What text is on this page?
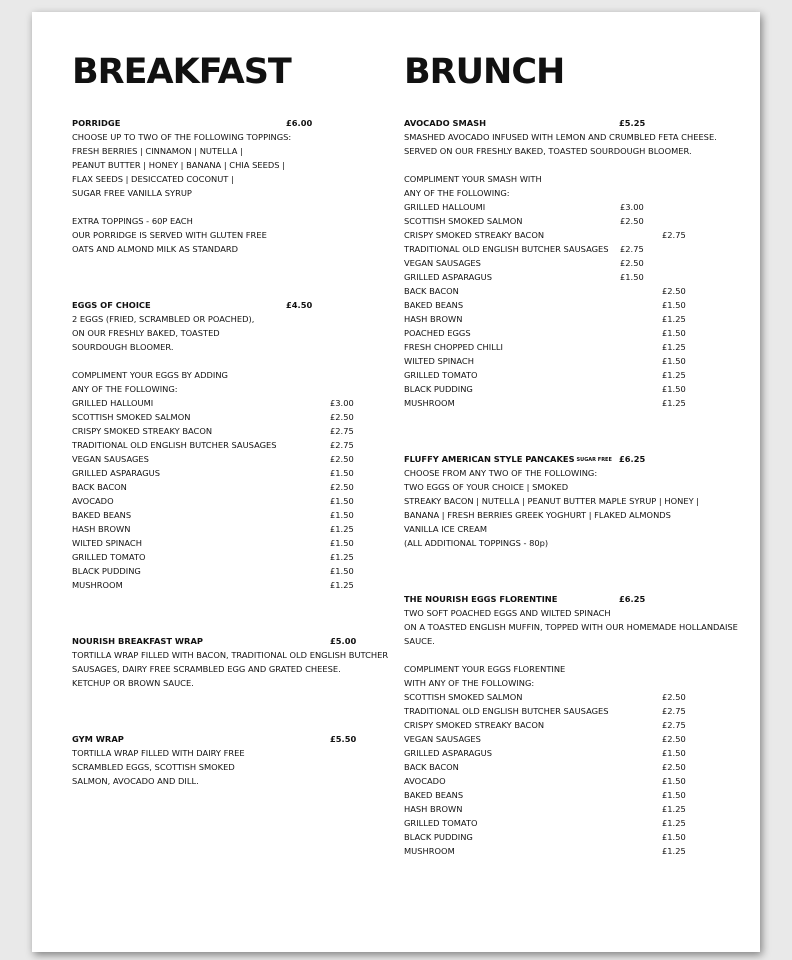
BREAKFAST	BRUNCH
PORRIDGE	£6.00
CHOOSE UP TO TWO OF THE FOLLOWING TOPPINGS:
FRESH BERRIES | CINNAMON | NUTELLA |
PEANUT BUTTER | HONEY | BANANA | CHIA SEEDS |
FLAX SEEDS | DESICCATED COCONUT |
SUGAR FREE VANILLA SYRUP
EXTRA TOPPINGS - 60P EACH
OUR PORRIDGE IS SERVED WITH GLUTEN FREE
OATS AND ALMOND MILK AS STANDARD
EGGS OF CHOICE	£4.50
2 EGGS (FRIED, SCRAMBLED OR POACHED),
ON OUR FRESHLY BAKED, TOASTED
SOURDOUGH BLOOMER.
COMPLIMENT YOUR EGGS BY ADDING
ANY OF THE FOLLOWING:
GRILLED HALLOUMI	£3.00
SCOTTISH SMOKED SALMON	£2.50
CRISPY SMOKED STREAKY BACON	£2.75
TRADITIONAL OLD ENGLISH BUTCHER SAUSAGES	£2.75
VEGAN SAUSAGES	£2.50
GRILLED ASPARAGUS	£1.50
BACK BACON	£2.50
AVOCADO	£1.50
BAKED BEANS	£1.50
HASH BROWN	£1.25
WILTED SPINACH	£1.50
GRILLED TOMATO	£1.25
BLACK PUDDING	£1.50
MUSHROOM	£1.25
NOURISH BREAKFAST WRAP	£5.00
TORTILLA WRAP FILLED WITH BACON, TRADITIONAL OLD ENGLISH BUTCHER
SAUSAGES, DAIRY FREE SCRAMBLED EGG AND GRATED CHEESE.
KETCHUP OR BROWN SAUCE.
GYM WRAP	£5.50
TORTILLA WRAP FILLED WITH DAIRY FREE
SCRAMBLED EGGS, SCOTTISH SMOKED
SALMON, AVOCADO AND DILL.
AVOCADO SMASH	£5.25
SMASHED AVOCADO INFUSED WITH LEMON AND CRUMBLED FETA CHEESE.
SERVED ON OUR FRESHLY BAKED, TOASTED SOURDOUGH BLOOMER.
COMPLIMENT YOUR SMASH WITH
ANY OF THE FOLLOWING:
GRILLED HALLOUMI	£3.00
SCOTTISH SMOKED SALMON	£2.50
CRISPY SMOKED STREAKY BACON	£2.75
TRADITIONAL OLD ENGLISH BUTCHER SAUSAGES £2.75
VEGAN SAUSAGES	£2.50
GRILLED ASPARAGUS	£1.50
BACK BACON	£2.50
BAKED BEANS	£1.50
HASH BROWN	£1.25
POACHED EGGS	£1.50
FRESH CHOPPED CHILLI	£1.25
WILTED SPINACH	£1.50
GRILLED TOMATO	£1.25
BLACK PUDDING	£1.50
MUSHROOM	£1.25
FLUFFY AMERICAN STYLE PANCAKES SUGAR FREE £6.25
CHOOSE FROM ANY TWO OF THE FOLLOWING:
TWO EGGS OF YOUR CHOICE | SMOKED
STREAKY BACON | NUTELLA | PEANUT BUTTER MAPLE SYRUP | HONEY |
BANANA | FRESH BERRIES GREEK YOGHURT | FLAKED ALMONDS
VANILLA ICE CREAM
(ALL ADDITIONAL TOPPINGS - 80p)
THE NOURISH EGGS FLORENTINE	£6.25
TWO SOFT POACHED EGGS AND WILTED SPINACH
ON A TOASTED ENGLISH MUFFIN, TOPPED WITH OUR HOMEMADE HOLLANDAISE
SAUCE.
COMPLIMENT YOUR EGGS FLORENTINE
WITH ANY OF THE FOLLOWING:
SCOTTISH SMOKED SALMON	£2.50
TRADITIONAL OLD ENGLISH BUTCHER SAUSAGES	£2.75
CRISPY SMOKED STREAKY BACON	£2.75
VEGAN SAUSAGES	£2.50
GRILLED ASPARAGUS	£1.50
BACK BACON	£2.50
AVOCADO	£1.50
BAKED BEANS	£1.50
HASH BROWN	£1.25
GRILLED TOMATO	£1.25
BLACK PUDDING	£1.50
MUSHROOM	£1.25
